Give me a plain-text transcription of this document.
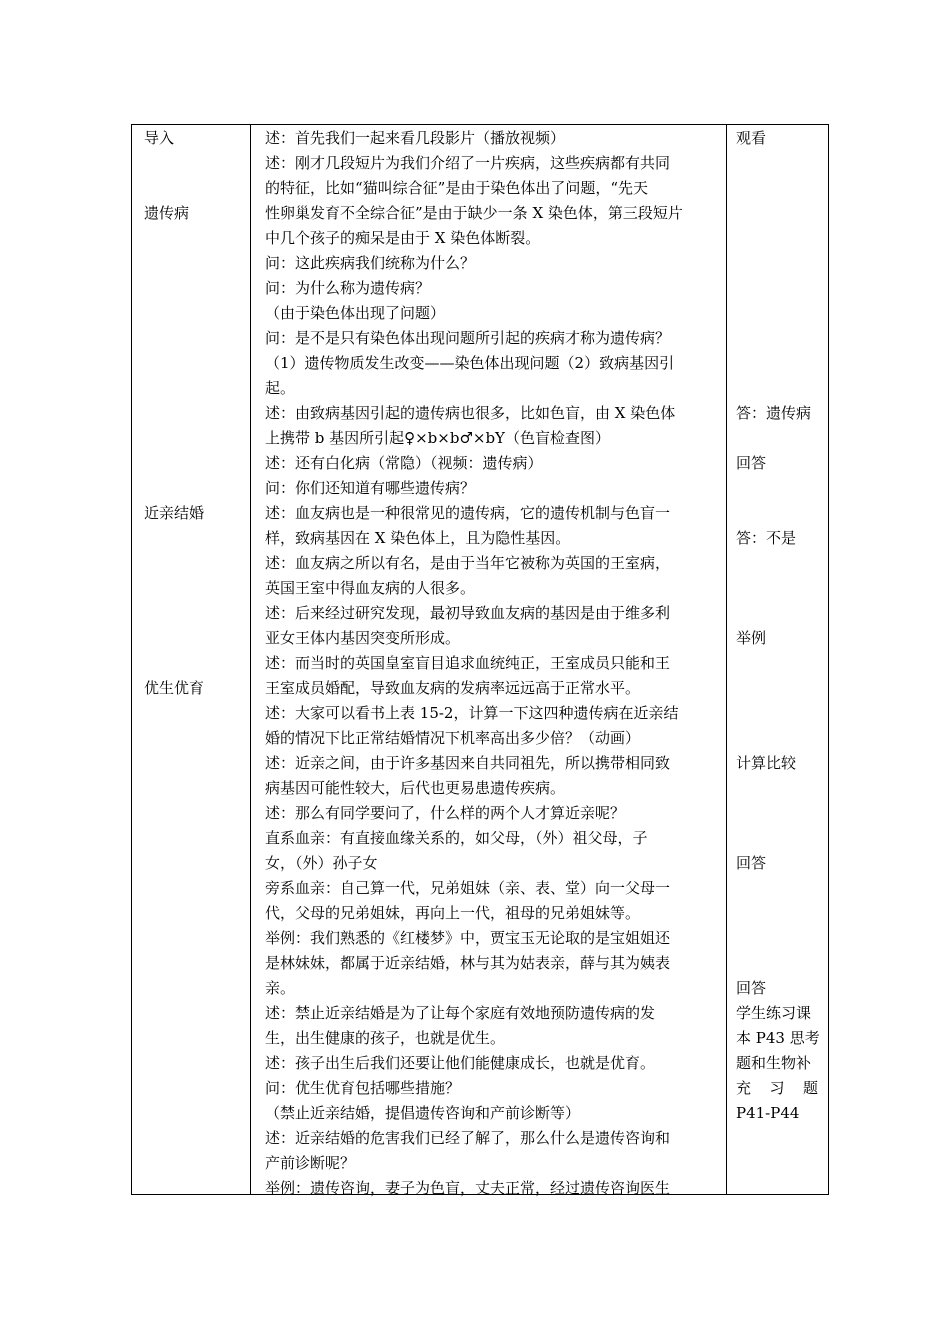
导入
遗传病
近亲结婚
优生优育
述：首先我们一起来看几段影片（播放视频）
述：刚才几段短片为我们介绍了一片疾病，这些疾病都有共同
的特征，比如“猫叫综合征”是由于染色体出了问题，“先天
性卵巢发育不全综合征”是由于缺少一条 X 染色体，第三段短片
中几个孩子的痴呆是由于 X 染色体断裂。
问：这此疾病我们统称为什么？
问：为什么称为遗传病？
（由于染色体出现了问题）
问：是不是只有染色体出现问题所引起的疾病才称为遗传病？
（1）遗传物质发生改变——染色体出现问题（2）致病基因引
起。
述：由致病基因引起的遗传病也很多，比如色盲，由 X 染色体
上携带 b 基因所引起♀×b×b♂×bY（色盲检查图）
述：还有白化病（常隐）（视频：遗传病）
问：你们还知道有哪些遗传病？
述：血友病也是一种很常见的遗传病，它的遗传机制与色盲一
样，致病基因在 X 染色体上，且为隐性基因。
述：血友病之所以有名，是由于当年它被称为英国的王室病，
英国王室中得血友病的人很多。
述：后来经过研究发现，最初导致血友病的基因是由于维多利
亚女王体内基因突变所形成。
述：而当时的英国皇室盲目追求血统纯正，王室成员只能和王
王室成员婚配，导致血友病的发病率远远高于正常水平。
述：大家可以看书上表 15-2，计算一下这四种遗传病在近亲结
婚的情况下比正常结婚情况下机率高出多少倍？（动画）
述：近亲之间，由于许多基因来自共同祖先，所以携带相同致
病基因可能性较大，后代也更易患遗传疾病。
述：那么有同学要问了，什么样的两个人才算近亲呢？
直系血亲：有直接血缘关系的，如父母，（外）祖父母，子
女，（外）孙子女
旁系血亲：自己算一代，兄弟姐妹（亲、表、堂）向一父母一
代，父母的兄弟姐妹，再向上一代，祖母的兄弟姐妹等。
举例：我们熟悉的《红楼梦》中，贾宝玉无论取的是宝姐姐还
是林妹妹，都属于近亲结婚，林与其为姑表亲，薛与其为姨表
亲。
述：禁止近亲结婚是为了让每个家庭有效地预防遗传病的发
生，出生健康的孩子，也就是优生。
述：孩子出生后我们还要让他们能健康成长，也就是优育。
问：优生优育包括哪些措施？
（禁止近亲结婚，提倡遗传咨询和产前诊断等）
述：近亲结婚的危害我们已经了解了，那么什么是遗传咨询和
产前诊断呢？
举例：遗传咨询，妻子为色盲，丈夫正常，经过遗传咨询医生
观看
答：遗传病
回答
答：不是
举例
计算比较
回答
回答
学生练习课
本 P43 思考
题和生物补
充 习 题
P41-P44
